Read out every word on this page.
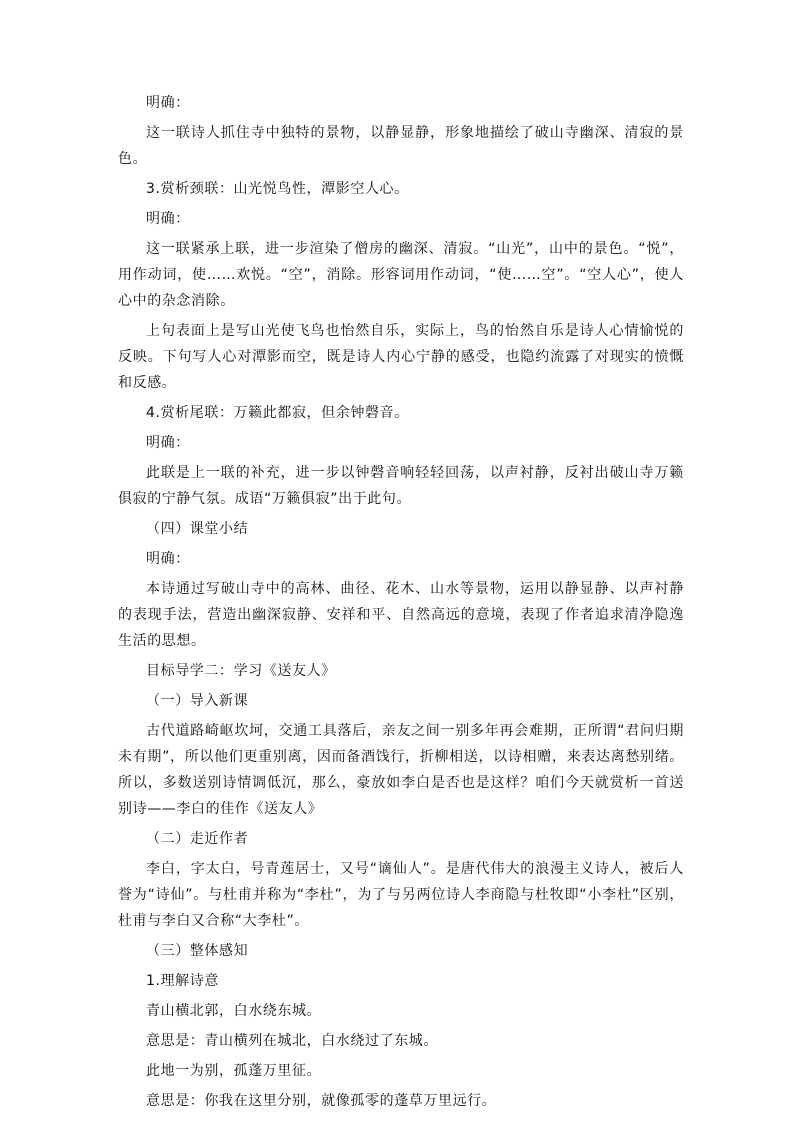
明确：

这一联诗人抓住寺中独特的景物，以静显静，形象地描绘了破山寺幽深、清寂的景色。

3.赏析颈联：山光悦鸟性，潭影空人心。

明确：

这一联紧承上联，进一步渲染了僧房的幽深、清寂。“山光”，山中的景色。“悦”，用作动词，使……欢悦。“空”，消除。形容词用作动词，“使……空”。“空人心”，使人心中的杂念消除。

上句表面上是写山光使飞鸟也怡然自乐，实际上，鸟的怡然自乐是诗人心情愉悦的反映。下句写人心对潭影而空，既是诗人内心宁静的感受，也隐约流露了对现实的愤慨和反感。

4.赏析尾联：万籁此都寂，但余钟磬音。

明确：

此联是上一联的补充，进一步以钟磬音响轻轻回荡，以声衬静，反衬出破山寺万籁俱寂的宁静气氛。成语“万籁俱寂”出于此句。

（四）课堂小结

明确：

本诗通过写破山寺中的高林、曲径、花木、山水等景物，运用以静显静、以声衬静的表现手法，营造出幽深寂静、安祥和平、自然高远的意境，表现了作者追求清净隐逸生活的思想。

目标导学二：学习《送友人》

（一）导入新课

古代道路崎岖坎坷，交通工具落后，亲友之间一别多年再会难期，正所谓“君问归期未有期”，所以他们更重别离，因而备酒饯行，折柳相送，以诗相赠，来表达离愁别绪。所以，多数送别诗情调低沉，那么，豪放如李白是否也是这样？咱们今天就赏析一首送别诗——李白的佳作《送友人》

（二）走近作者

李白，字太白，号青莲居士，又号“谪仙人”。是唐代伟大的浪漫主义诗人，被后人誉为“诗仙”。与杜甫并称为“李杜”，为了与另两位诗人李商隐与杜牧即“小李杜”区别，杜甫与李白又合称“大李杜”。

（三）整体感知

1.理解诗意

青山横北郭，白水绕东城。

意思是：青山横列在城北，白水绕过了东城。

此地一为别，孤蓬万里征。

意思是：你我在这里分别，就像孤零的蓬草万里远行。
